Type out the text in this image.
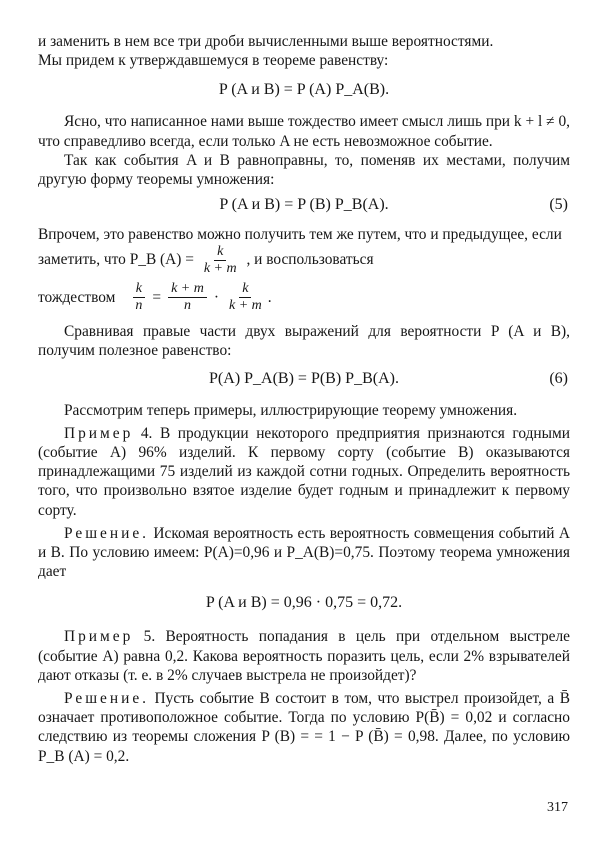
и заменить в нем все три дроби вычисленными выше вероятностями.

Мы придем к утверждавшемуся в теореме равенству:

P (A и B) = P (A) P_A(B).

Ясно, что написанное нами выше тождество имеет смысл лишь при k + l ≠ 0, что справедливо всегда, если только A не есть невозможное событие.

Так как события A и B равноправны, то, поменяв их местами, получим другую форму теоремы умножения:

P (A и B) = P (B) P_B(A).	(5)
Впрочем, это равенство можно получить тем же путем, что и предыдущее, если заметить, что P_B $(A) = \frac{k}{k + m}$ , и воспользоваться
тождеством $\frac{k}{n} = \frac{k + m}{n} \cdot \frac{k}{k + m}$ .

Сравнивая правые части двух выражений для вероятности P (A и B), получим полезное равенство:

P(A) P_A(B) = P(B) P_B(A).	(6)

Рассмотрим теперь примеры, иллюстрирующие теорему умножения.

Пример 4. В продукции некоторого предприятия признаются годными (событие A) 96% изделий. К первому сорту (событие B) оказываются принадлежащими 75 изделий из каждой сотни годных. Определить вероятность того, что произвольно взятое изделие будет годным и принадлежит к первому сорту.

Решение. Искомая вероятность есть вероятность совмещения событий A и B. По условию имеем: P(A)=0,96 и P_A(B)=0,75. Поэтому теорема умножения дает

P (A и B) = 0,96 · 0,75 = 0,72.

Пример 5. Вероятность попадания в цель при отдельном выстреле (событие A) равна 0,2. Какова вероятность поразить цель, если 2% взрывателей дают отказы (т. е. в 2% случаев выстрела не произойдет)?

Решение. Пусть событие B состоит в том, что выстрел произойдет, а B̄ означает противоположное событие. Тогда по условию P(B̄) = 0,02 и согласно следствию из теоремы сложения P (B) = = 1 − P (B̄) = 0,98. Далее, по условию P_B (A) = 0,2.

317
